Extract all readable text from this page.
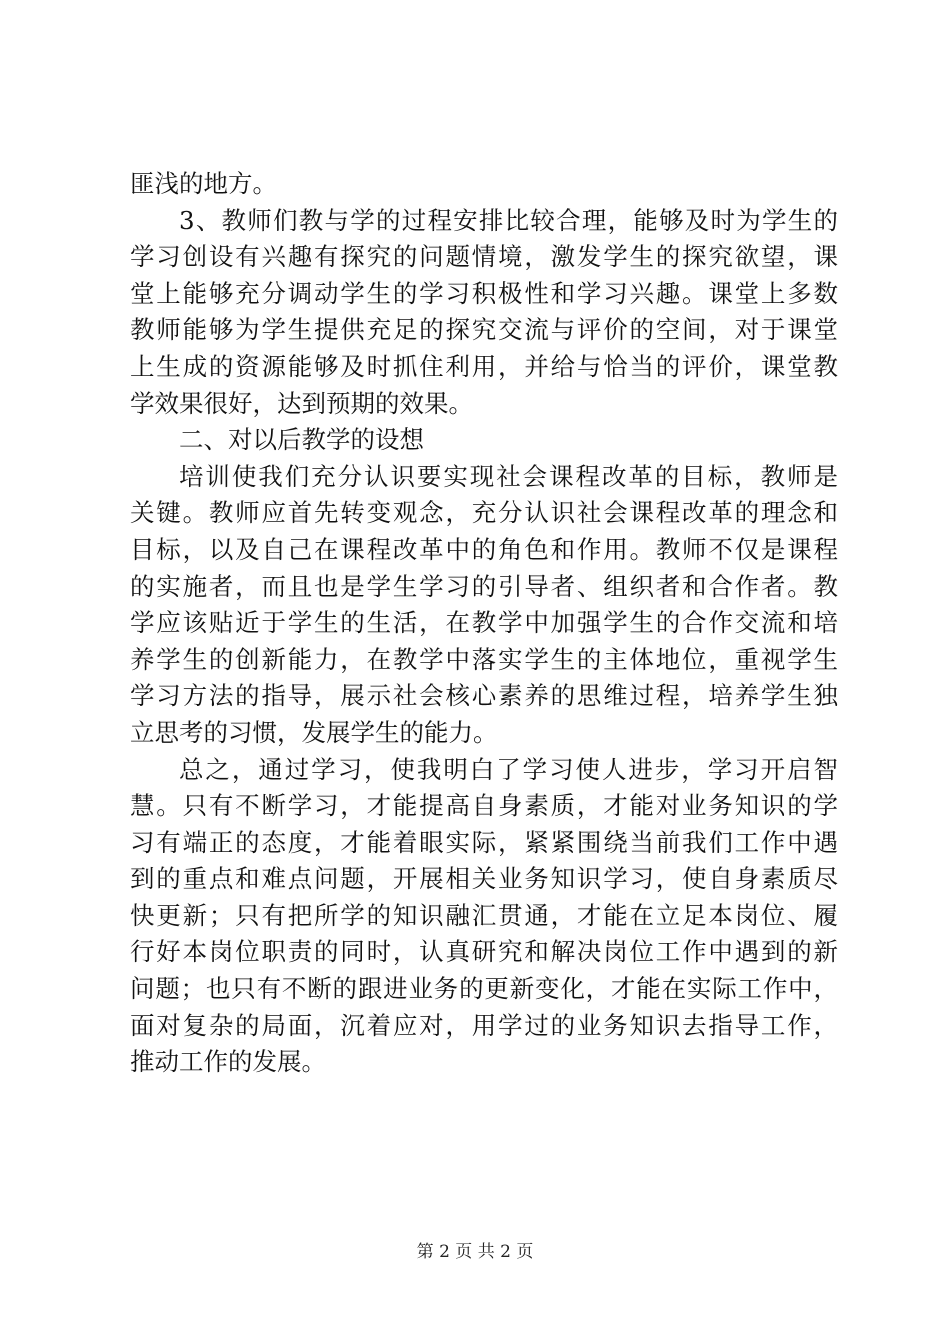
匪浅的地方。
3、教师们教与学的过程安排比较合理，能够及时为学生的
学习创设有兴趣有探究的问题情境，激发学生的探究欲望，课
堂上能够充分调动学生的学习积极性和学习兴趣。课堂上多数
教师能够为学生提供充足的探究交流与评价的空间，对于课堂
上生成的资源能够及时抓住利用，并给与恰当的评价，课堂教
学效果很好，达到预期的效果。
二、对以后教学的设想
培训使我们充分认识要实现社会课程改革的目标，教师是
关键。教师应首先转变观念，充分认识社会课程改革的理念和
目标，以及自己在课程改革中的角色和作用。教师不仅是课程
的实施者，而且也是学生学习的引导者、组织者和合作者。教
学应该贴近于学生的生活，在教学中加强学生的合作交流和培
养学生的创新能力，在教学中落实学生的主体地位，重视学生
学习方法的指导，展示社会核心素养的思维过程，培养学生独
立思考的习惯，发展学生的能力。
总之，通过学习，使我明白了学习使人进步，学习开启智
慧。只有不断学习，才能提高自身素质，才能对业务知识的学
习有端正的态度，才能着眼实际，紧紧围绕当前我们工作中遇
到的重点和难点问题，开展相关业务知识学习，使自身素质尽
快更新；只有把所学的知识融汇贯通，才能在立足本岗位、履
行好本岗位职责的同时，认真研究和解决岗位工作中遇到的新
问题；也只有不断的跟进业务的更新变化，才能在实际工作中，
面对复杂的局面，沉着应对，用学过的业务知识去指导工作，
推动工作的发展。
第 2 页 共 2 页
